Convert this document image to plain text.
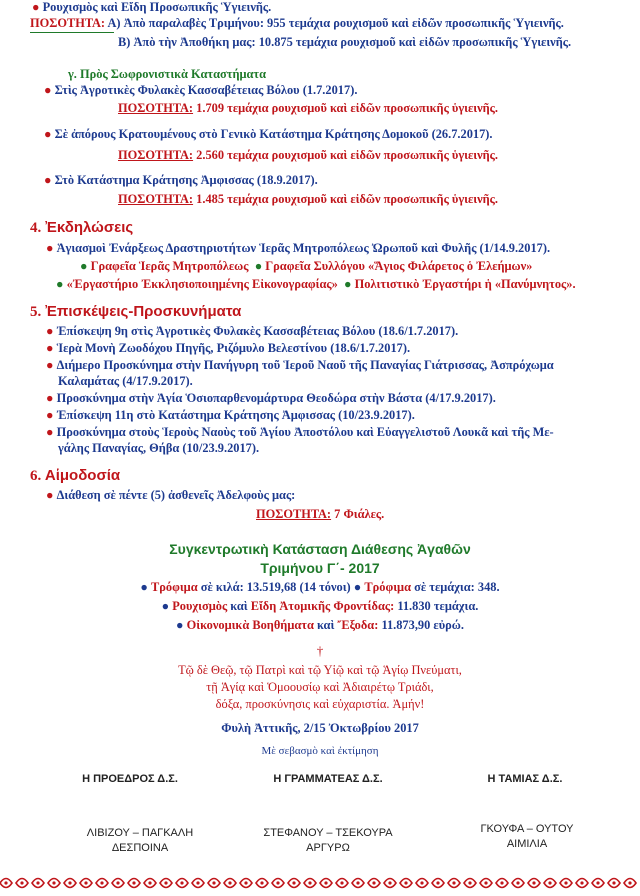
● Ρουχισμὸς καὶ Εἴδη Προσωπικῆς Ὑγιεινῆς.
ΠΟΣΟΤΗΤΑ: Α) Ἀπὸ παραλαβὲς Τριμήνου: 955 τεμάχια ρουχισμοῦ καὶ εἰδῶν προσωπικῆς Ὑγιεινῆς.
Β) Ἀπὸ τὴν Ἀποθήκη μας: 10.875 τεμάχια ρουχισμοῦ καὶ εἰδῶν προσωπικῆς Ὑγιεινῆς.
γ. Πρὸς Σωφρονιστικὰ Καταστήματα
● Στὶς Ἀγροτικὲς Φυλακὲς Κασσαβέτειας Βόλου (1.7.2017).
ΠΟΣΟΤΗΤΑ: 1.709 τεμάχια ρουχισμοῦ καὶ εἰδῶν προσωπικῆς ὑγιεινῆς.
● Σὲ ἀπόρους Κρατουμένους στὸ Γενικὸ Κατάστημα Κράτησης Δομοκοῦ (26.7.2017).
ΠΟΣΟΤΗΤΑ: 2.560 τεμάχια ρουχισμοῦ καὶ εἰδῶν προσωπικῆς ὑγιεινῆς.
● Στὸ Κατάστημα Κράτησης Ἀμφισσας (18.9.2017).
ΠΟΣΟΤΗΤΑ: 1.485 τεμάχια ρουχισμοῦ καὶ εἰδῶν προσωπικῆς ὑγιεινῆς.
4. Ἐκδηλώσεις
● Ἁγιασμοὶ Ἐνάρξεως Δραστηριοτήτων Ἱερᾶς Μητροπόλεως Ὠρωποῦ καὶ Φυλῆς (1/14.9.2017).
● Γραφεῖα Ἱερᾶς Μητροπόλεως  ● Γραφεῖα Συλλόγου «Ἅγιος Φιλάρετος ὁ Ἐλεήμων»
● «Ἐργαστήριο Ἐκκλησιοποιημένης Εἰκονογραφίας»  ● Πολιτιστικὸ Ἐργαστήρι ἡ «Πανύμνητος».
5. Ἐπισκέψεις-Προσκυνήματα
● Ἐπίσκεψη 9η στὶς Ἀγροτικὲς Φυλακὲς Κασσαβέτειας Βόλου (18.6/1.7.2017).
● Ἱερὰ Μονὴ Ζωοδόχου Πηγῆς, Ριζόμυλο Βελεστίνου (18.6/1.7.2017).
● Διήμερο Προσκύνημα στὴν Πανήγυρη τοῦ Ἱεροῦ Ναοῦ τῆς Παναγίας Γιάτρισσας, Ἀσπρόχωμα
Καλαμάτας (4/17.9.2017).
● Προσκύνημα στὴν Ἁγία Ὁσιοπαρθενομάρτυρα Θεοδώρα στὴν Βάστα (4/17.9.2017).
● Ἐπίσκεψη 11η στὸ Κατάστημα Κράτησης Ἀμφισσας (10/23.9.2017).
● Προσκύνημα στοὺς Ἱεροὺς Ναοὺς τοῦ Ἁγίου Ἀποστόλου καὶ Εὐαγγελιστοῦ Λουκᾶ καὶ τῆς Με-
γάλης Παναγίας, Θήβα (10/23.9.2017).
6. Αἱμοδοσία
● Διάθεση σὲ πέντε (5) ἀσθενεῖς Ἀδελφοὺς μας:
ΠΟΣΟΤΗΤΑ: 7 Φιάλες.
Συγκεντρωτικὴ Κατάσταση Διάθεσης Ἀγαθῶν
Τριμήνου Γ΄- 2017
● Τρόφιμα σὲ κιλά: 13.519,68 (14 τόνοι) ● Τρόφιμα σὲ τεμάχια: 348.
● Ρουχισμὸς καὶ Εἴδη Ἀτομικῆς Φροντίδας: 11.830 τεμάχια.
● Οἰκονομικὰ Βοηθήματα καὶ Ἔξοδα: 11.873,90 εὐρώ.
†
Τῷ δὲ Θεῷ, τῷ Πατρὶ καὶ τῷ Υἱῷ καὶ τῷ Ἁγίῳ Πνεύματι,
τῇ Ἁγίᾳ καὶ Ὁμοουσίῳ καὶ Ἀδιαιρέτῳ Τριάδι,
δόξα, προσκύνησις καὶ εὐχαριστία. Ἀμήν!
Φυλὴ Ἀττικῆς, 2/15 Ὀκτωβρίου 2017
Μὲ σεβασμὸ καὶ ἐκτίμηση
Η ΠΡΟΕΔΡΟΣ Δ.Σ.	Η ΓΡΑΜΜΑΤΕΑΣ Δ.Σ.	Η ΤΑΜΙΑΣ Δ.Σ.
ΛΙΒΙΖΟΥ – ΠΑΓΚΑΛΗ
ΔΕΣΠΟΙΝΑ
ΣΤΕΦΑΝΟΥ – ΤΣΕΚΟΥΡΑ
ΑΡΓΥΡΩ
ΓΚΟΥΦΑ – ΟΥΤΟΥ
ΑΙΜΙΛΙΑ
